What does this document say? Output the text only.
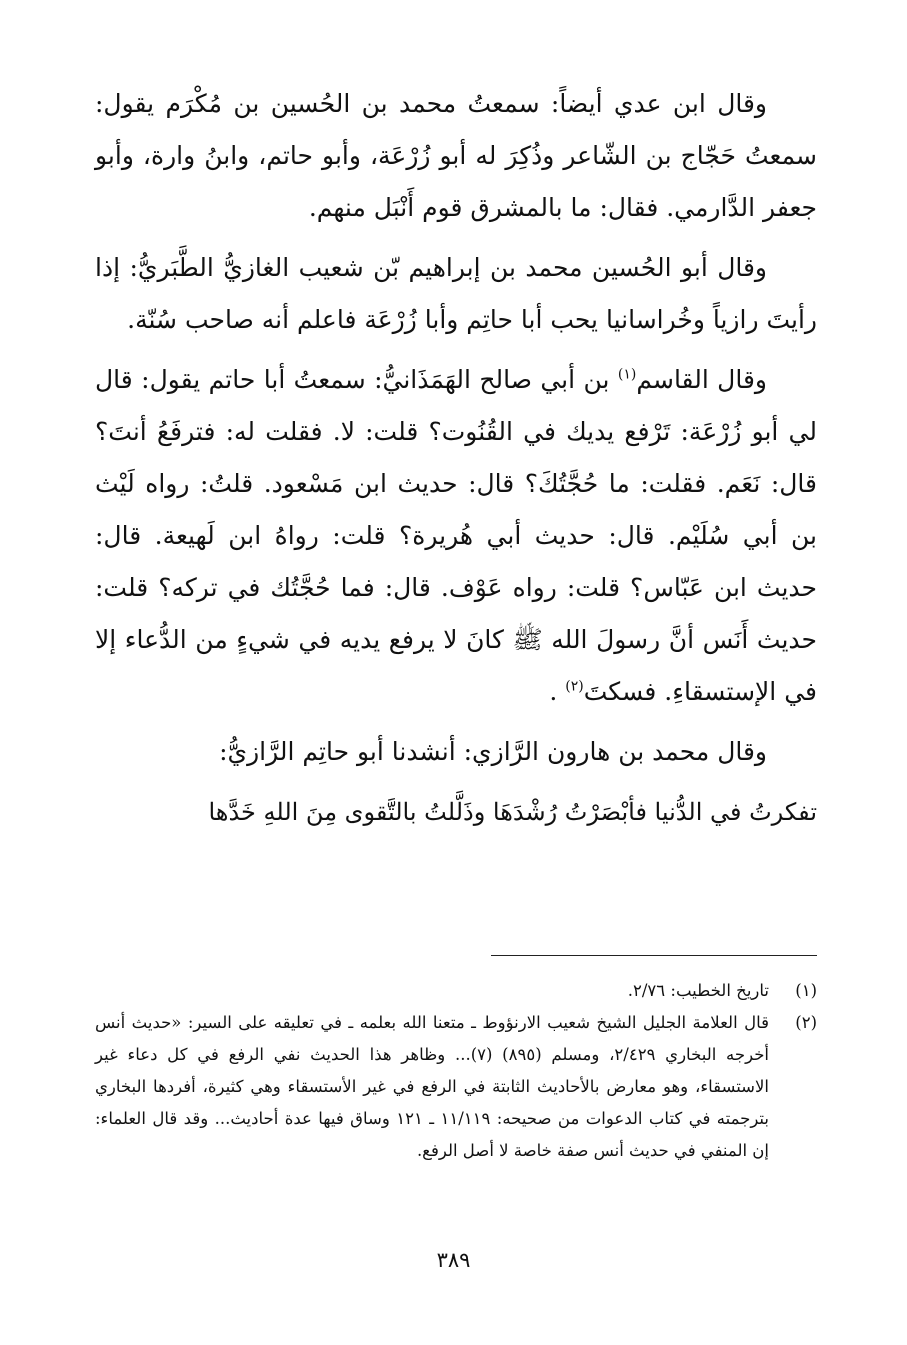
وقال ابن عدي أيضاً: سمعتُ محمد بن الحُسين بن مُكْرَم يقول: سمعتُ حَجّاج بن الشّاعر وذُكِرَ له أبو زُرْعَة، وأبو حاتم، وابنُ وارة، وأبو جعفر الدَّارمي. فقال: ما بالمشرق قوم أَنْبَل منهم.

وقال أبو الحُسين محمد بن إبراهيم بّن شعيب الغازيُّ الطَّبَريُّ: إذا رأيتَ رازياً وخُراسانيا يحب أبا حاتِم وأبا زُرْعَة فاعلم أنه صاحب سُنّة.

وقال القاسم$^{(١)}$ بن أبي صالح الهَمَذَانيُّ: سمعتُ أبا حاتم يقول: قال لي أبو زُرْعَة: تَرْفع يديك في القُنُوت؟ قلت: لا. فقلت له: فترفَعُ أنتَ؟ قال: نَعَم. فقلت: ما حُجَّتُكَ؟ قال: حديث ابن مَسْعود. قلتُ: رواه لَيْث بن أبي سُلَيْم. قال: حديث أبي هُريرة؟ قلت: رواهُ ابن لَهيعة. قال: حديث ابن عَبّاس؟ قلت: رواه عَوْف. قال: فما حُجَّتُك في تركه؟ قلت: حديث أَنَس أنَّ رسولَ الله ﷺ كانَ لا يرفع يديه في شيءٍ من الدُّعاء إلا في الإستسقاءِ. فسكتَ$^{(٢)}$ .

وقال محمد بن هارون الرَّازي: أنشدنا أبو حاتِم الرَّازيُّ:

تفكرتُ في الدُّنيا فأبْصَرْتُ رُشْدَهَا وذَلَّلتُ بالتَّقوى مِنَ اللهِ خَدَّها

(١)
تاريخ الخطيب: ٢/٧٦.
(٢)
قال العلامة الجليل الشيخ شعيب الارنؤوط ـ متعنا الله بعلمه ـ في تعليقه على السير: «حديث أنس أخرجه البخاري ٢/٤٢٩، ومسلم (٨٩٥) (٧)... وظاهر هذا الحديث نفي الرفع في كل دعاء غير الاستسقاء، وهو معارض بالأحاديث الثابتة في الرفع في غير الأستسقاء وهي كثيرة، أفردها البخاري بترجمته في كتاب الدعوات من صحيحه: ١١/١١٩ ـ ١٢١ وساق فيها عدة أحاديث... وقد قال العلماء: إن المنفي في حديث أنس صفة خاصة لا أصل الرفع.
٣٨٩
